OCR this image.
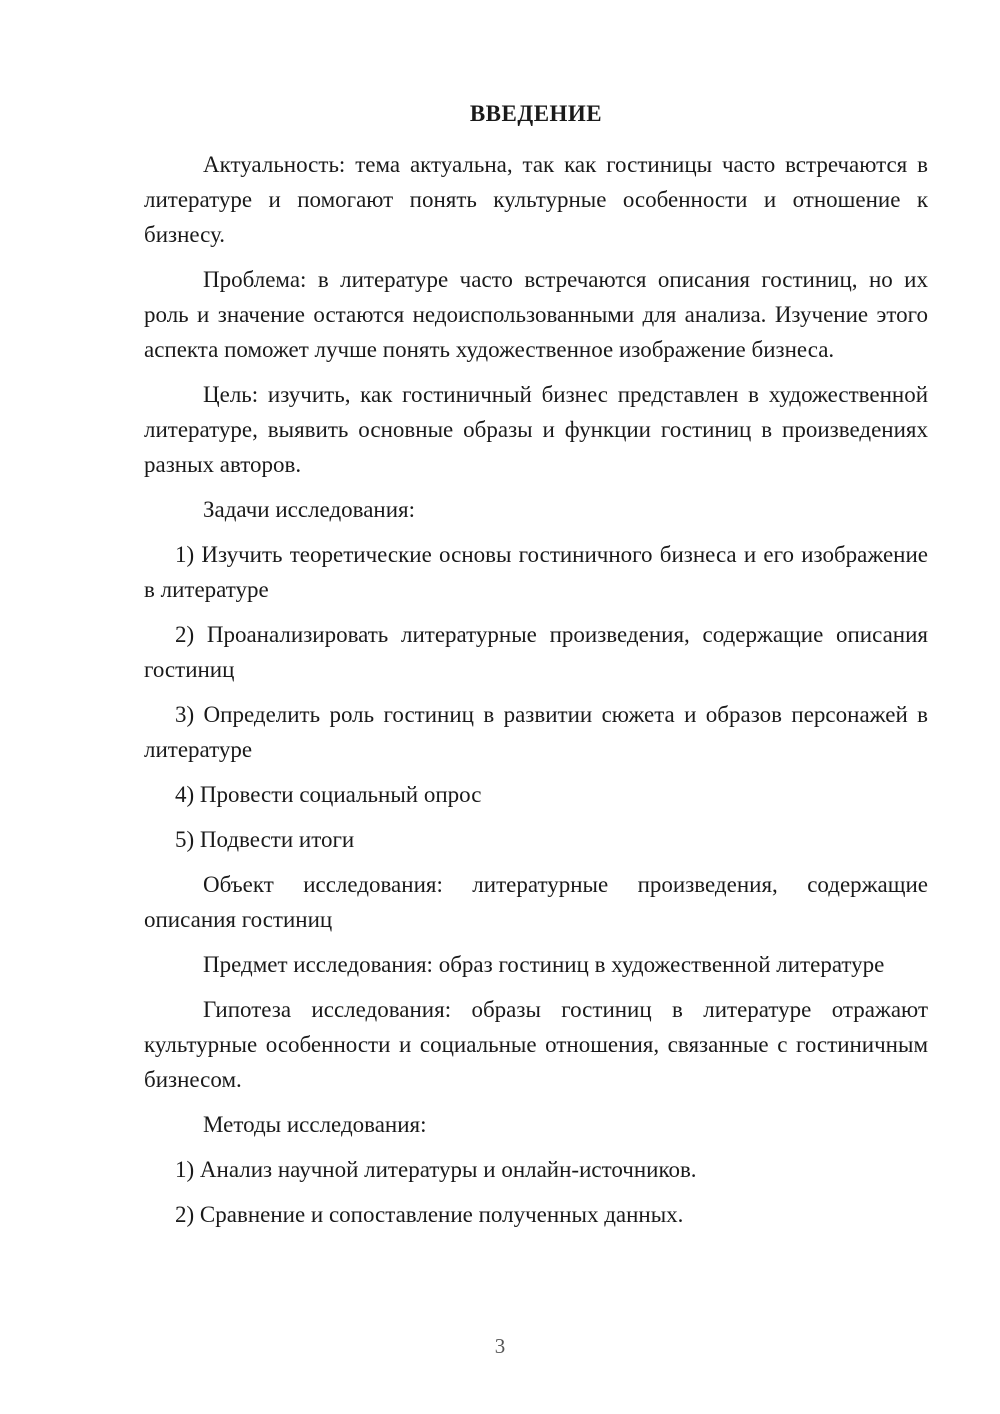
ВВЕДЕНИЕ

Актуальность: тема актуальна, так как гостиницы часто встречаются в литературе и помогают понять культурные особенности и отношение к бизнесу.

Проблема: в литературе часто встречаются описания гостиниц, но их роль и значение остаются недоиспользованными для анализа. Изучение этого аспекта поможет лучше понять художественное изображение бизнеса.

Цель: изучить, как гостиничный бизнес представлен в художественной литературе, выявить основные образы и функции гостиниц в произведениях разных авторов.

Задачи исследования:

1) Изучить теоретические основы гостиничного бизнеса и его изображение в литературе

2) Проанализировать литературные произведения, содержащие описания гостиниц

3) Определить роль гостиниц в развитии сюжета и образов персонажей в литературе

4) Провести социальный опрос

5) Подвести итоги

Объект исследования: литературные произведения, содержащие описания гостиниц

Предмет исследования: образ гостиниц в художественной литературе

Гипотеза исследования: образы гостиниц в литературе отражают культурные особенности и социальные отношения, связанные с гостиничным бизнесом.

Методы исследования:

1) Анализ научной литературы и онлайн-источников.

2) Сравнение и сопоставление полученных данных.

3
